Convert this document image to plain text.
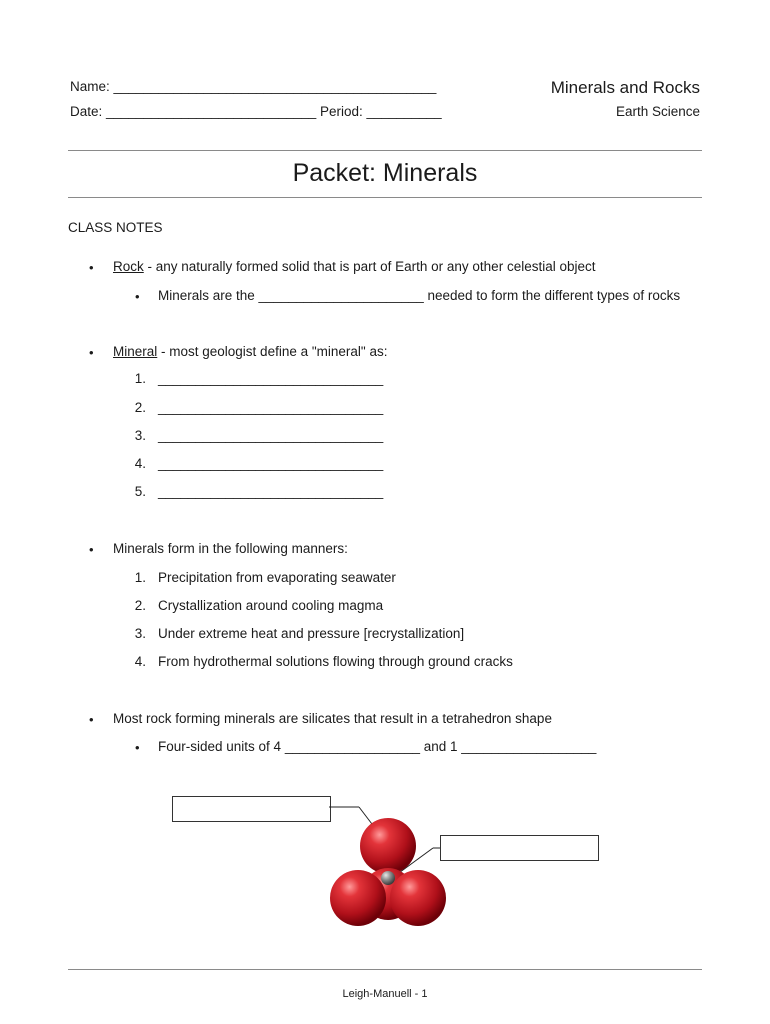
Name: ___________________________________________
Date: ____________________________ Period: __________
Minerals and Rocks
Earth Science
Packet: Minerals
CLASS NOTES
• Rock - any naturally formed solid that is part of Earth or any other celestial object
• Minerals are the ______________________ needed to form the different types of rocks
• Mineral - most geologist define a "mineral" as:
1. ______________________________
2. ______________________________
3. ______________________________
4. ______________________________
5. ______________________________
• Minerals form in the following manners:
1. Precipitation from evaporating seawater
2. Crystallization around cooling magma
3. Under extreme heat and pressure [recrystallization]
4. From hydrothermal solutions flowing through ground cracks
• Most rock forming minerals are silicates that result in a tetrahedron shape
• Four-sided units of 4 __________________ and 1 __________________
Leigh-Manuell - 1
